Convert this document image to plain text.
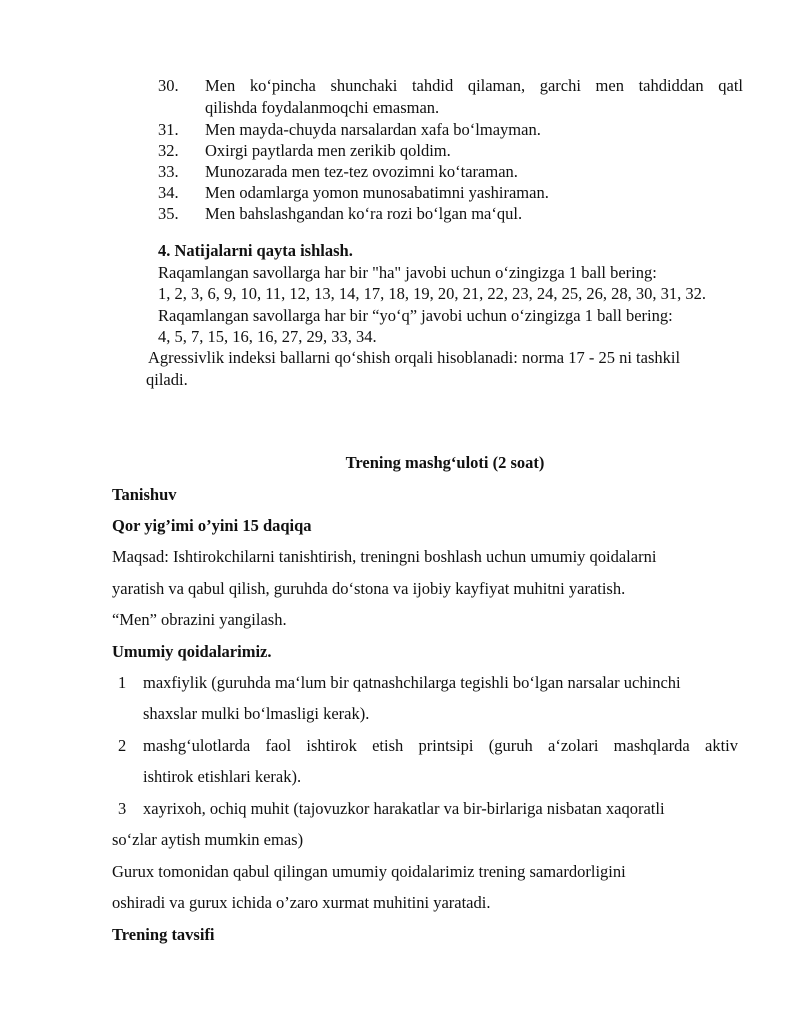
30. Men ko‘pincha shunchaki tahdid qilaman, garchi men tahdiddan qatl
qilishda foydalanmoqchi emasman.
31. Men mayda-chuyda narsalardan xafa bo‘lmayman.
32. Oxirgi paytlarda men zerikib qoldim.
33. Munozarada men tez-tez ovozimni ko‘taraman.
34. Men odamlarga yomon munosabatimni yashiraman.
35. Men bahslashgandan ko‘ra rozi bo‘lgan ma‘qul.
4. Natijalarni qayta ishlash.
Raqamlangan savollarga har bir "ha" javobi uchun o‘zingizga 1 ball bering:
1, 2, 3, 6, 9, 10, 11, 12, 13, 14, 17, 18, 19, 20, 21, 22, 23, 24, 25, 26, 28, 30, 31, 32.
Raqamlangan savollarga har bir “yo‘q” javobi uchun o‘zingizga 1 ball bering:
4, 5, 7, 15, 16, 16, 27, 29, 33, 34.
Agressivlik indeksi ballarni qo‘shish orqali hisoblanadi: norma 17 - 25 ni tashkil
qiladi.
Trening mashg‘uloti (2 soat)
Tanishuv
Qor yig’imi o’yini 15 daqiqa
Maqsad: Ishtirokchilarni tanishtirish, treningni boshlash uchun umumiy qoidalarni
yaratish va qabul qilish, guruhda do‘stona va ijobiy kayfiyat muhitni yaratish.
“Men” obrazini yangilash.
Umumiy qoidalarimiz.
1 maxfiylik (guruhda ma‘lum bir qatnashchilarga tegishli bo‘lgan narsalar uchinchi
shaxslar mulki bo‘lmasligi kerak).
2 mashg‘ulotlarda faol ishtirok etish printsipi (guruh a‘zolari mashqlarda aktiv
ishtirok etishlari kerak).
3 xayrixoh, ochiq muhit (tajovuzkor harakatlar va bir-birlariga nisbatan xaqoratli
so‘zlar aytish mumkin emas)
Gurux tomonidan qabul qilingan umumiy qoidalarimiz trening samardorligini
oshiradi va gurux ichida o’zaro xurmat muhitini yaratadi.
Trening tavsifi
